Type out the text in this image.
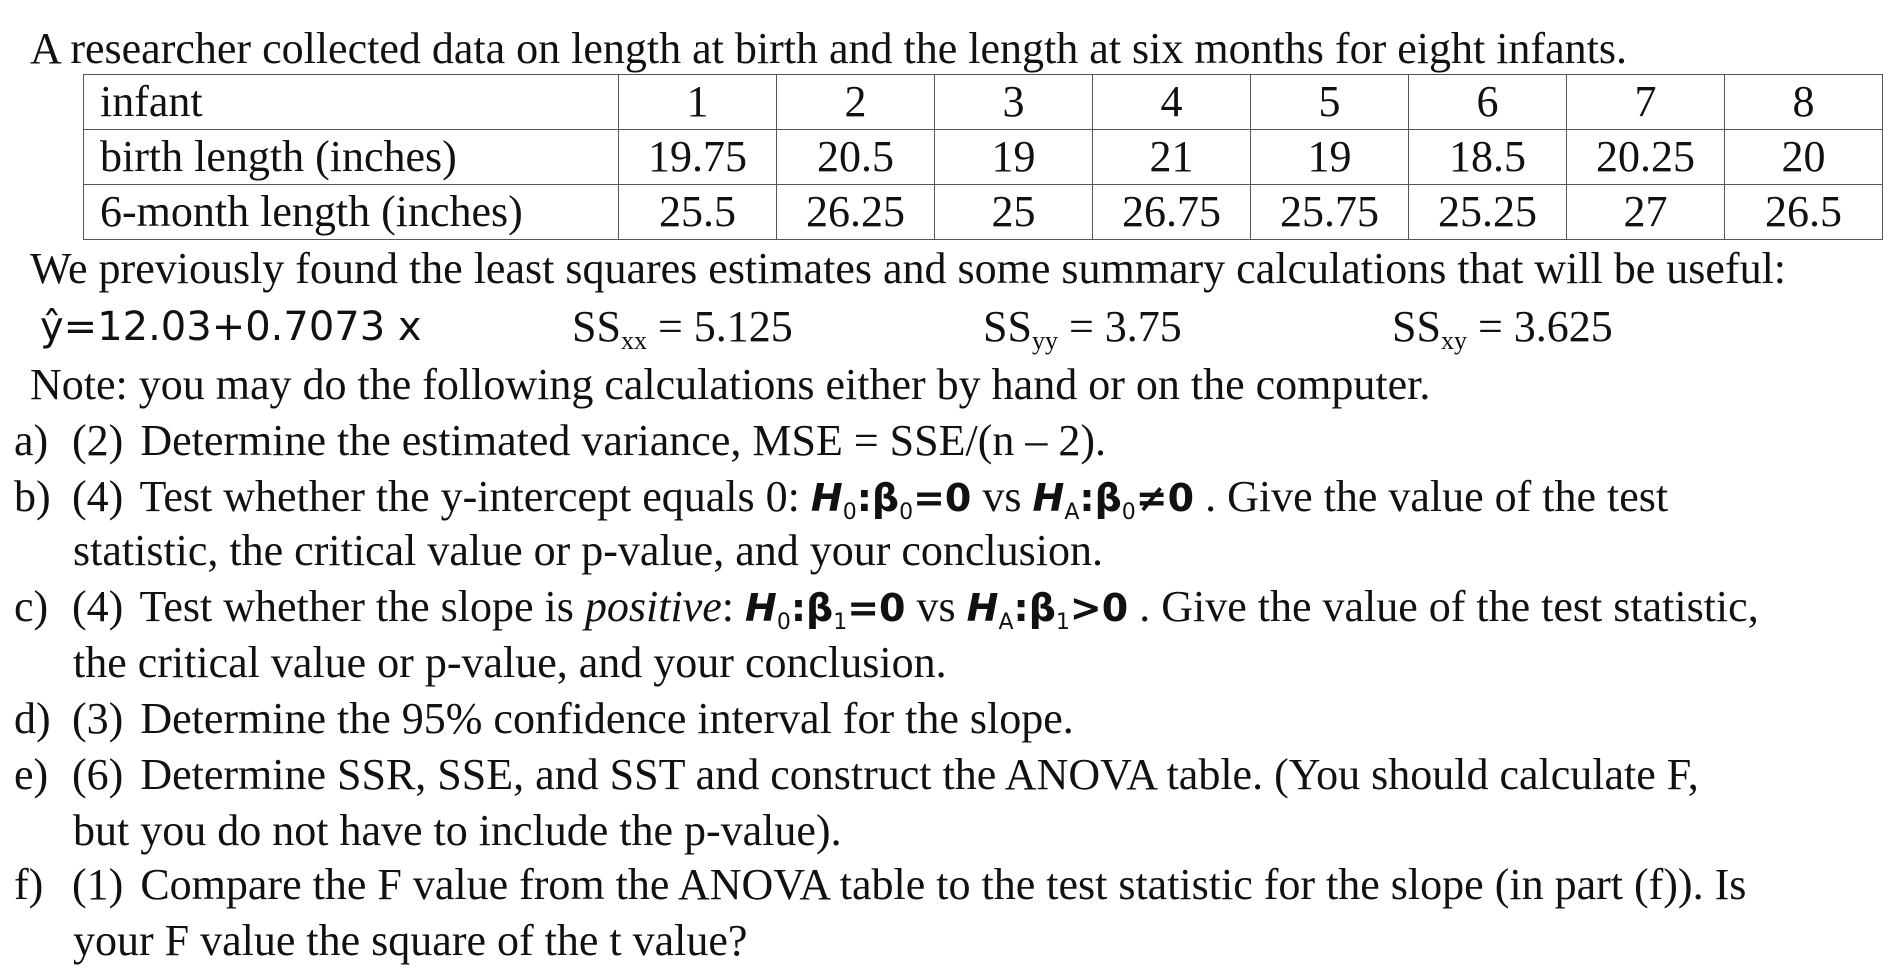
A researcher collected data on length at birth and the length at six months for eight infants.
infant	1	2	3	4	5	6	7	8
birth length (inches)	19.75	20.5	19	21	19	18.5	20.25	20
6-month length (inches)	25.5	26.25	25	26.75	25.75	25.25	27	26.5
We previously found the least squares estimates and some summary calculations that will be useful:
ŷ=12.03+0.7073 x	SSxx = 5.125	SSyy = 3.75	SSxy = 3.625
Note: you may do the following calculations either by hand or on the computer.
a) (2) Determine the estimated variance, MSE = SSE/(n – 2).
b) (4) Test whether the y-intercept equals 0: $H_0:\beta_0=0$ vs $H_A:\beta_0\ne 0$ . Give the value of the test
statistic, the critical value or p-value, and your conclusion.
c) (4) Test whether the slope is positive: $H_0:\beta_1=0$ vs $H_A:\beta_1>0$ . Give the value of the test statistic,
the critical value or p-value, and your conclusion.
d) (3) Determine the 95% confidence interval for the slope.
e) (6) Determine SSR, SSE, and SST and construct the ANOVA table. (You should calculate F,
but you do not have to include the p-value).
f) (1) Compare the F value from the ANOVA table to the test statistic for the slope (in part (f)). Is
your F value the square of the t value?
